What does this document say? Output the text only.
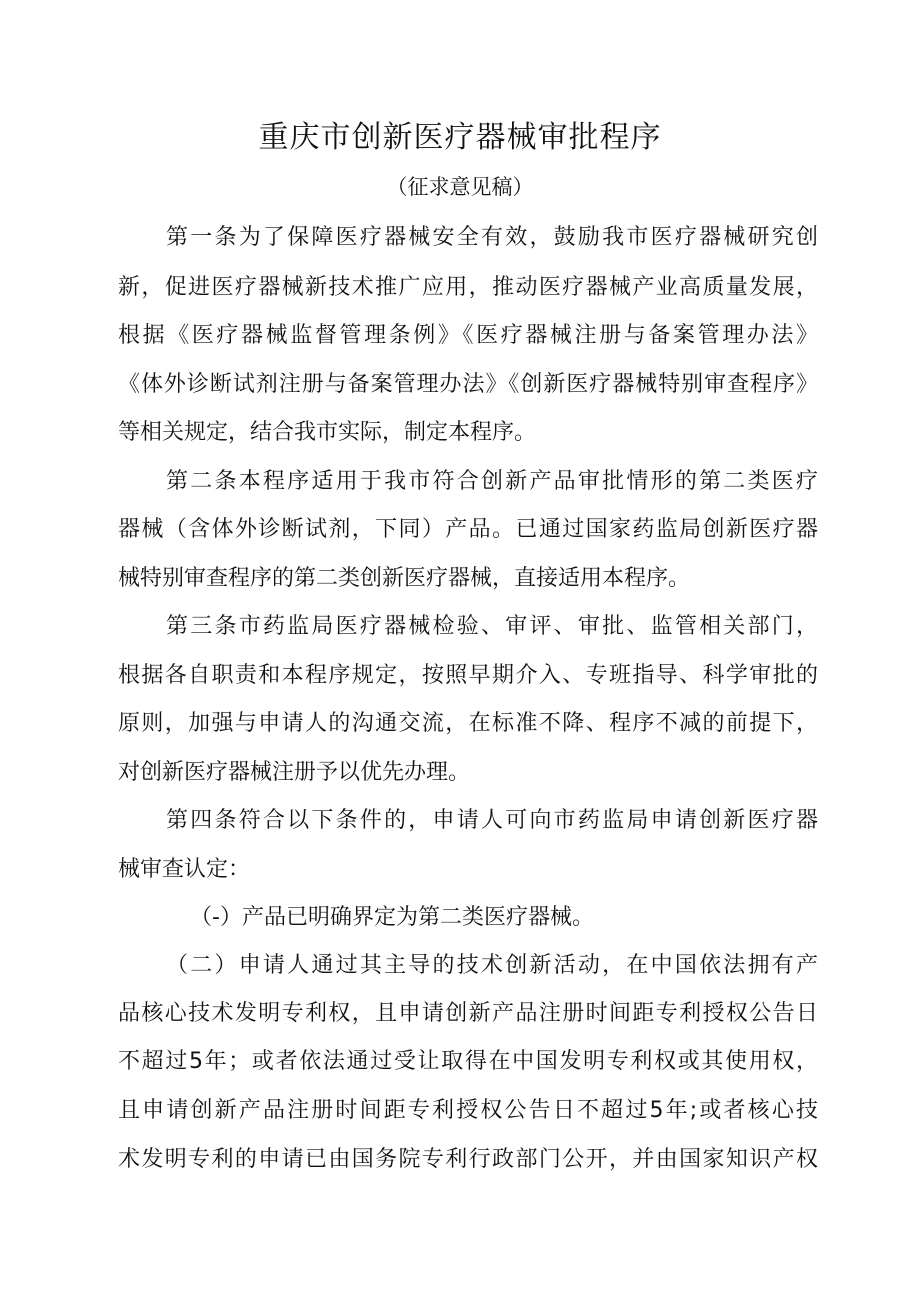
重庆市创新医疗器械审批程序
（征求意见稿）
第一条为了保障医疗器械安全有效，鼓励我市医疗器械研究创
新，促进医疗器械新技术推广应用，推动医疗器械产业高质量发展，
根据《医疗器械监督管理条例》《医疗器械注册与备案管理办法》
《体外诊断试剂注册与备案管理办法》《创新医疗器械特别审查程序》
等相关规定，结合我市实际，制定本程序。
第二条本程序适用于我市符合创新产品审批情形的第二类医疗
器械（含体外诊断试剂，下同）产品。已通过国家药监局创新医疗器
械特别审查程序的第二类创新医疗器械，直接适用本程序。
第三条市药监局医疗器械检验、审评、审批、监管相关部门，
根据各自职责和本程序规定，按照早期介入、专班指导、科学审批的
原则，加强与申请人的沟通交流，在标准不降、程序不减的前提下，
对创新医疗器械注册予以优先办理。
第四条符合以下条件的，申请人可向市药监局申请创新医疗器
械审查认定：
（-）产品已明确界定为第二类医疗器械。
（二）申请人通过其主导的技术创新活动，在中国依法拥有产
品核心技术发明专利权，且申请创新产品注册时间距专利授权公告日
不超过5年；或者依法通过受让取得在中国发明专利权或其使用权，
且申请创新产品注册时间距专利授权公告日不超过5年;或者核心技
术发明专利的申请已由国务院专利行政部门公开，并由国家知识产权
